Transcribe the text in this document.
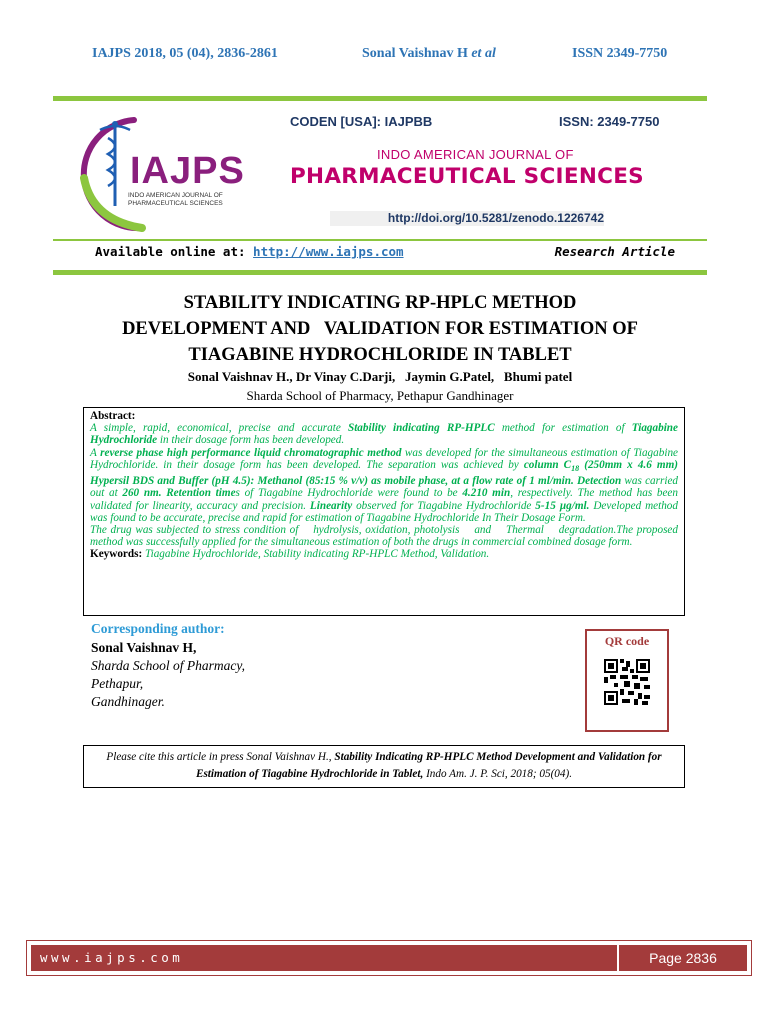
IAJPS 2018, 05 (04), 2836-2861	Sonal Vaishnav H et al	ISSN 2349-7750
IAJPS
INDO AMERICAN JOURNAL OF
PHARMACEUTICAL SCIENCES
CODEN [USA]: IAJPBB	ISSN: 2349-7750
INDO AMERICAN JOURNAL OF
PHARMACEUTICAL SCIENCES
http://doi.org/10.5281/zenodo.1226742
Available online at: http://www.iajps.com	Research Article
STABILITY INDICATING RP-HPLC METHOD
DEVELOPMENT AND   VALIDATION FOR ESTIMATION OF
TIAGABINE HYDROCHLORIDE IN TABLET
Sonal Vaishnav H., Dr Vinay C.Darji,   Jaymin G.Patel,   Bhumi patel
Sharda School of Pharmacy, Pethapur Gandhinager

Abstract:

A simple, rapid, economical, precise and accurate Stability indicating RP-HPLC method for estimation of Tiagabine Hydrochloride in their dosage form has been developed.

A reverse phase high performance liquid chromatographic method was developed for the simultaneous estimation of Tiagabine Hydrochloride. in their dosage form has been developed. The separation was achieved by column $C_{18}$ (250mm x 4.6 mm) Hypersil BDS and Buffer (pH 4.5): Methanol (85:15 % v/v) as mobile phase, at a flow rate of 1 ml/min. Detection was carried out at 260 nm. Retention times of Tiagabine Hydrochloride were found to be 4.210 min, respectively. The method has been validated for linearity, accuracy and precision. Linearity observed for Tiagabine Hydrochloride 5-15 µg/ml. Developed method was found to be accurate, precise and rapid for estimation of Tiagabine Hydrochloride In Their Dosage Form.

The drug was subjected to stress condition of    hydrolysis, oxidation, photolysis    and    Thermal    degradation.The proposed method was successfully applied for the simultaneous estimation of both the drugs in commercial combined dosage form.

Keywords: Tiagabine Hydrochloride, Stability indicating RP-HPLC Method, Validation.

Corresponding author:
Sonal Vaishnav H,
Sharda School of Pharmacy,
Pethapur,
Gandhinager.
QR code
Please cite this article in press Sonal Vaishnav H., Stability Indicating RP-HPLC Method Development and Validation for Estimation of Tiagabine Hydrochloride in Tablet, Indo Am. J. P. Sci, 2018; 05(04).
www.iajps.com	Page 2836
